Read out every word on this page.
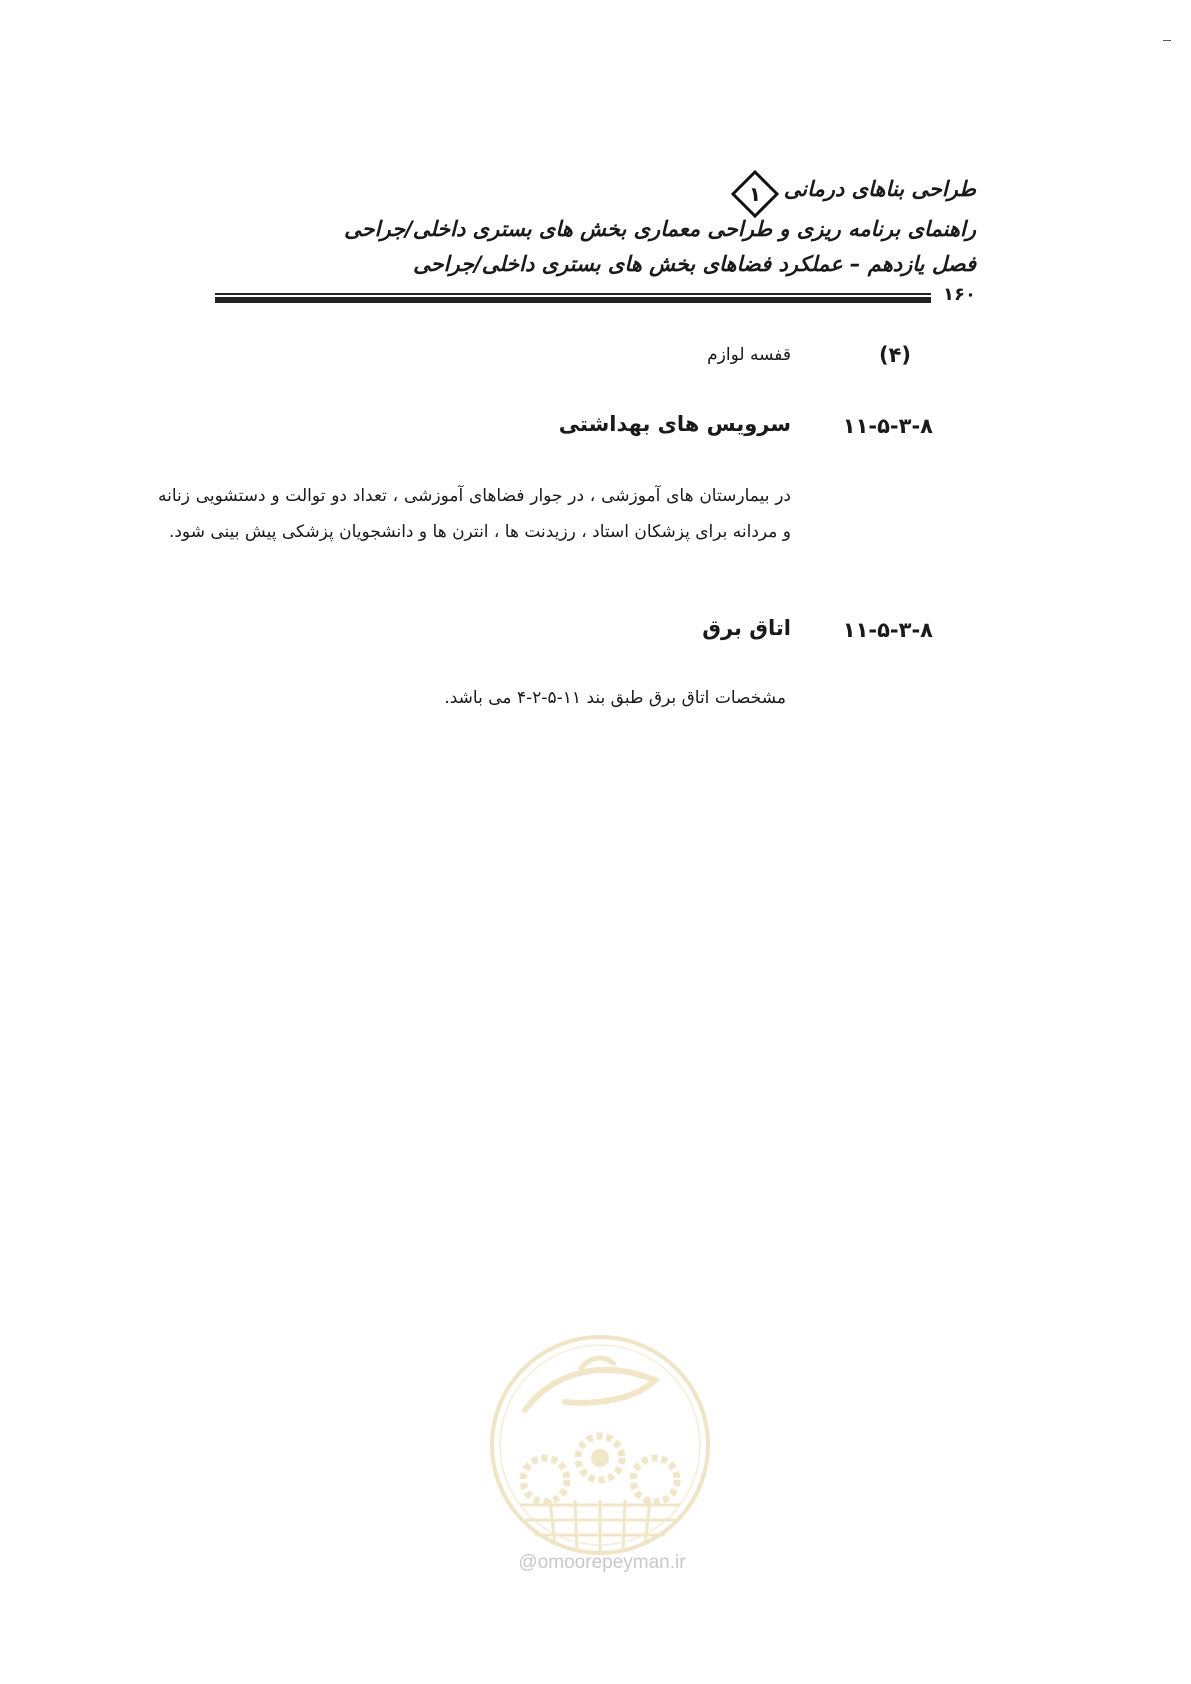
طراحی بناهای درمانی
۱
راهنمای برنامه ریزی و طراحی معماری بخش های بستری داخلی/جراحی
فصل یازدهم – عملکرد فضاهای بخش های بستری داخلی/جراحی
۱۶۰
(۴)
قفسه لوازم
۱۱-۵-۳-۸
سرویس های بهداشتی
در بیمارستان های آموزشی ، در جوار فضاهای آموزشی ، تعداد دو توالت و دستشویی زنانه و مردانه برای پزشکان استاد ، رزیدنت ها ، انترن ها و دانشجویان پزشکی پیش بینی شود.
۱۱-۵-۳-۸
اتاق برق
مشخصات اتاق برق طبق بند ۱۱-۵-۲-۴ می باشد.
@omoorepeyman.ir
